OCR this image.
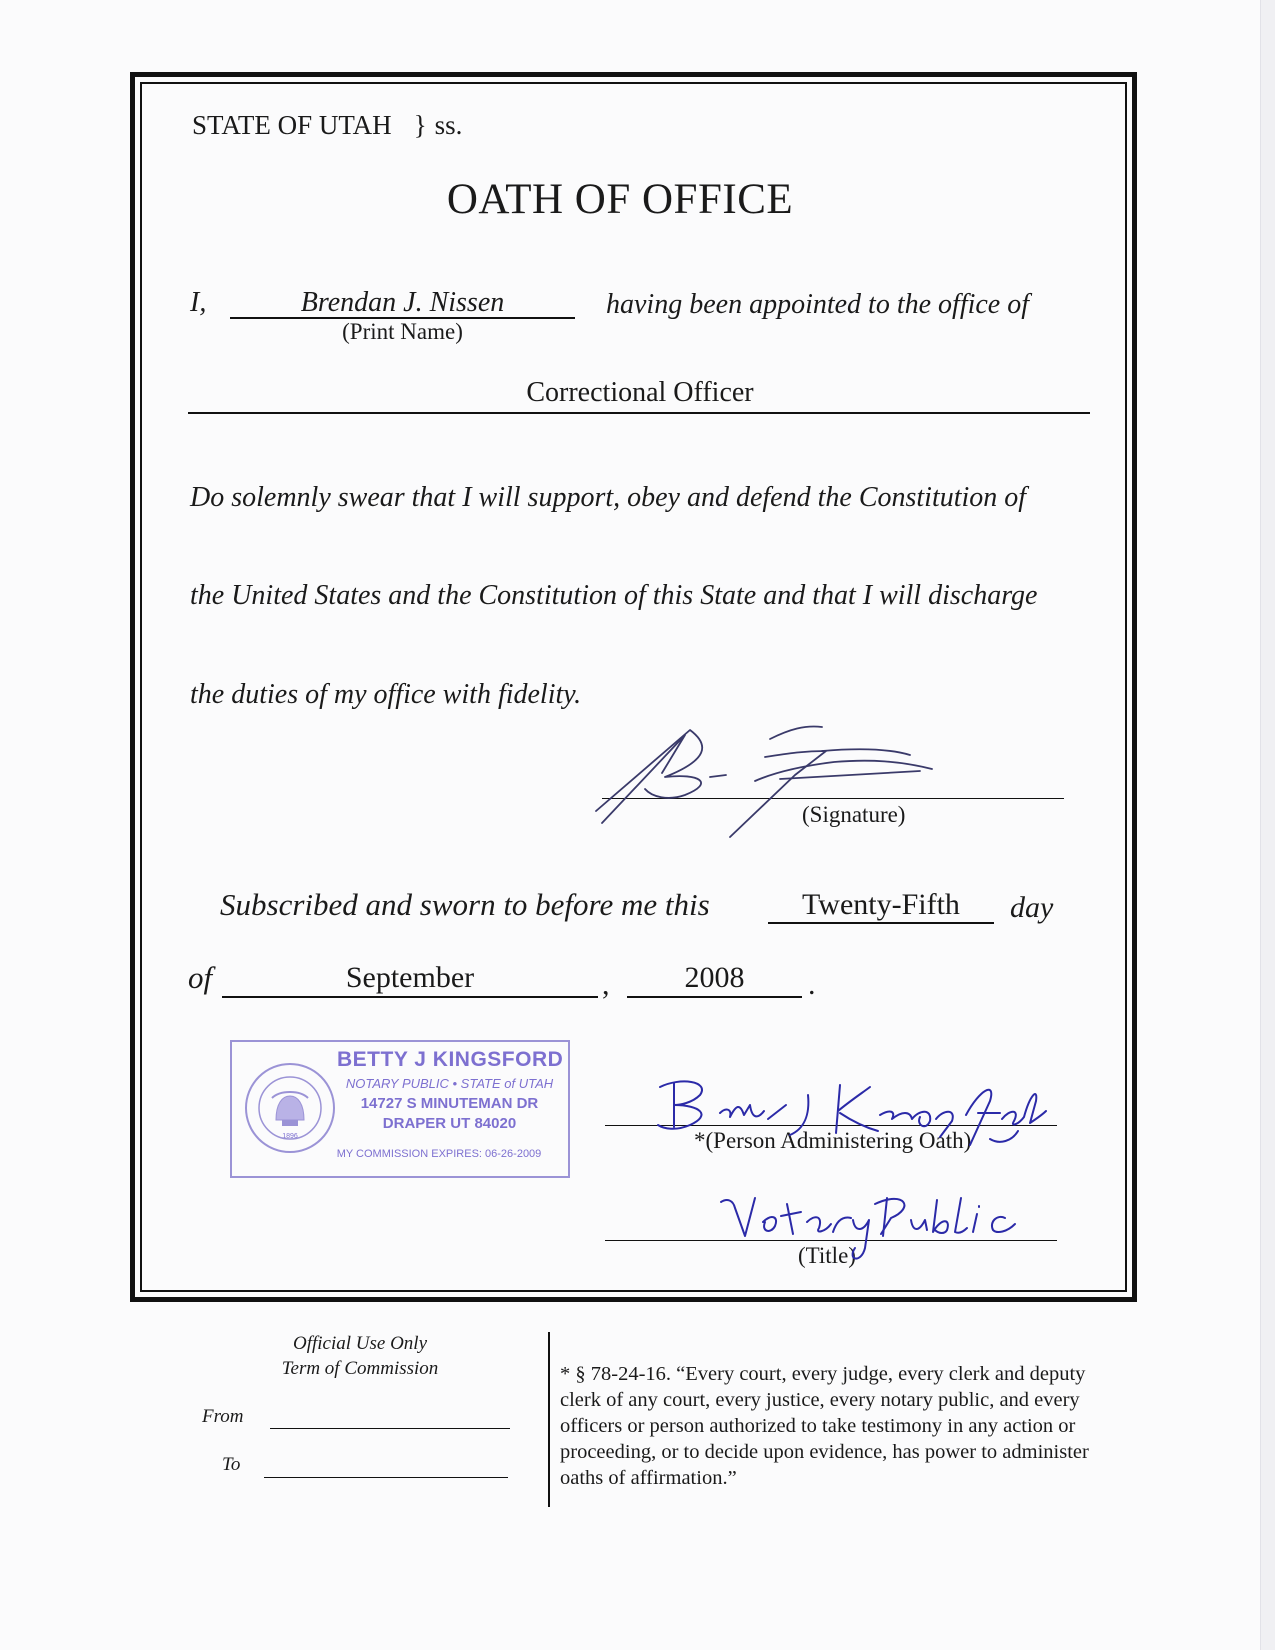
STATE OF UTAH } ss.
OATH OF OFFICE
I,	Brendan J. Nissen
(Print Name)
having been appointed to the office of
Correctional Officer
Do solemnly swear that I will support, obey and defend the Constitution of
the United States and the Constitution of this State and that I will discharge
the duties of my office with fidelity.
(Signature)
Subscribed and sworn to before me this	Twenty-Fifth	day
of	September	,	2008	.
1896
BETTY J KINGSFORD
NOTARY PUBLIC • STATE of UTAH
14727 S MINUTEMAN DR
DRAPER UT 84020
MY COMMISSION EXPIRES: 06-26-2009
*(Person Administering Oath)
(Title)
Official Use Only
Term of Commission
From
To
* § 78-24-16. “Every court, every judge, every clerk and deputy clerk of any court, every justice, every notary public, and every officers or person authorized to take testimony in any action or proceeding, or to decide upon evidence, has power to administer oaths of affirmation.”
